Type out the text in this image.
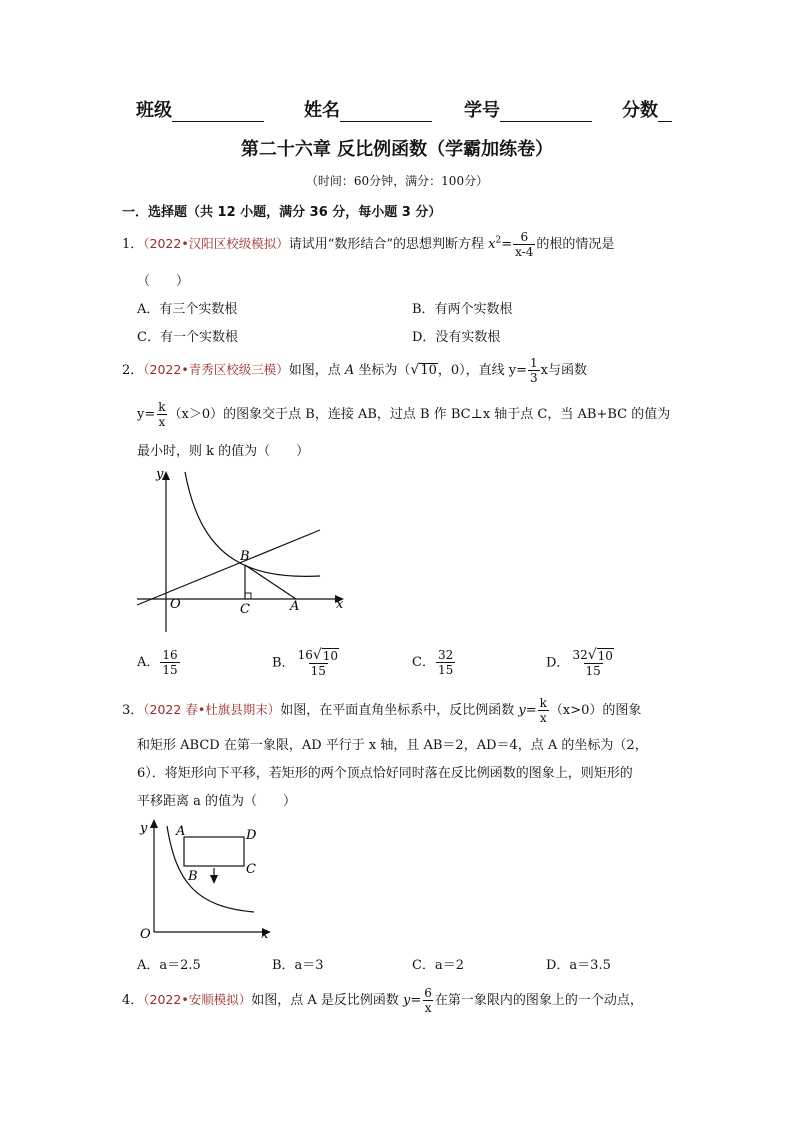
班级	姓名	学号	分数
第二十六章 反比例函数（学霸加练卷）
（时间：60分钟，满分：100分）
一．选择题（共 12 小题，满分 36 分，每小题 3 分）
1．（2022•汉阳区校级模拟）请试用“数形结合”的思想判断方程 $x^2= \frac{6}{x-4}$ 的根的情况是
（　　）
A．有三个实数根	B．有两个实数根
C．有一个实数根	D．没有实数根
2．（2022•青秀区校级三模）如图，点 A 坐标为（ √ 10 ，0），直线 $y= \frac{1}{3}$ x与函数
$y= \frac{k}{x} (x>0)$的图象交于点 B，连接 AB，过点 B 作 BC⊥x 轴于点 C，当 AB+BC 的值为
最小时，则 k 的值为（　　）
y
x
O
B
C	A
A． $\frac{16}{15}$	B． $\frac{16 √ 10}{15}$	C． $\frac{32}{15}$	D． $\frac{32 √ 10}{15}$
3．（2022 春•杜旗县期末）如图，在平面直角坐标系中，反比例函数 $y= \frac{k}{x} (x>0)$的图象
和矩形 ABCD 在第一象限，AD 平行于 x 轴，且 AB＝2，AD＝4，点 A 的坐标为（2，
6）．将矩形向下平移，若矩形的两个顶点恰好同时落在反比例函数的图象上，则矩形的
平移距离 a 的值为（　　）
y
x
O
A	D
C
B
A．a＝2.5	B．a＝3	C．a＝2	D．a＝3.5
4．（2022•安顺模拟）如图，点 A 是反比例函数 $y= \frac{6}{x}$ 在第一象限内的图象上的一个动点，
